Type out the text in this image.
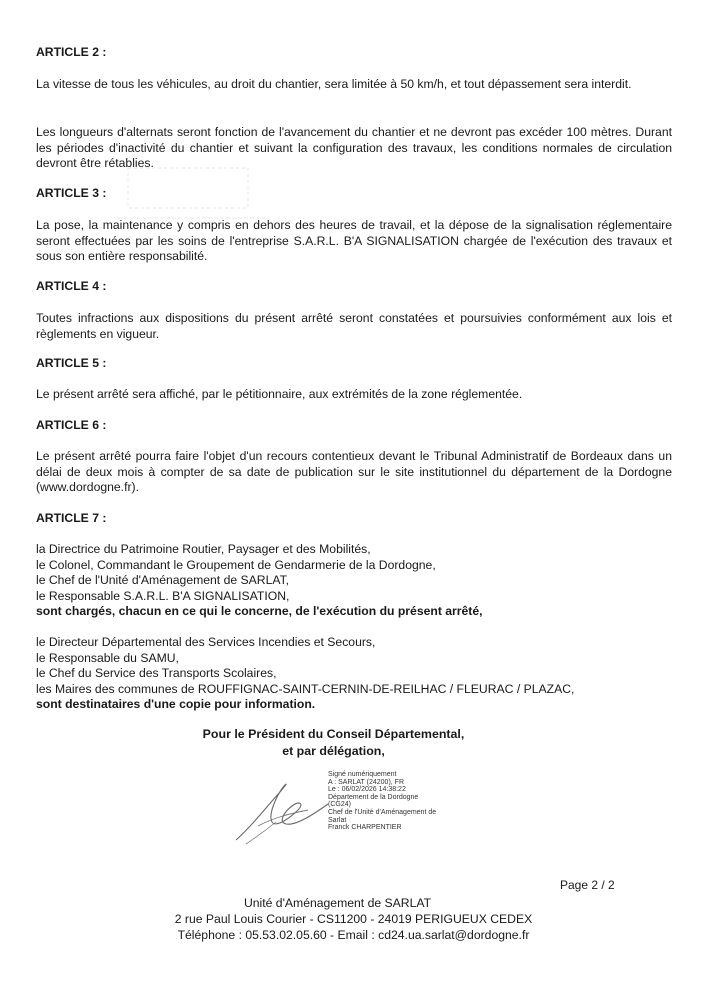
ARTICLE 2 :

La vitesse de tous les véhicules, au droit du chantier, sera limitée à 50 km/h, et tout dépassement sera interdit.

Les longueurs d'alternats seront fonction de l'avancement du chantier et ne devront pas excéder 100 mètres. Durant les périodes d'inactivité du chantier et suivant la configuration des travaux, les conditions normales de circulation devront être rétablies.

ARTICLE 3 :

La pose, la maintenance y compris en dehors des heures de travail, et la dépose de la signalisation réglementaire seront effectuées par les soins de l'entreprise S.A.R.L. B'A SIGNALISATION chargée de l'exécution des travaux et sous son entière responsabilité.

ARTICLE 4 :

Toutes infractions aux dispositions du présent arrêté seront constatées et poursuivies conformément aux lois et règlements en vigueur.

ARTICLE 5 :

Le présent arrêté sera affiché, par le pétitionnaire, aux extrémités de la zone réglementée.

ARTICLE 6 :

Le présent arrêté pourra faire l'objet d'un recours contentieux devant le Tribunal Administratif de Bordeaux dans un délai de deux mois à compter de sa date de publication sur le site institutionnel du département de la Dordogne (www.dordogne.fr).

ARTICLE 7 :
la Directrice du Patrimoine Routier, Paysager et des Mobilités,
le Colonel, Commandant le Groupement de Gendarmerie de la Dordogne,
le Chef de l'Unité d'Aménagement de SARLAT,
le Responsable S.A.R.L. B'A SIGNALISATION,
sont chargés, chacun en ce qui le concerne, de l'exécution du présent arrêté,
le Directeur Départemental des Services Incendies et Secours,
le Responsable du SAMU,
le Chef du Service des Transports Scolaires,
les Maires des communes de ROUFFIGNAC-SAINT-CERNIN-DE-REILHAC / FLEURAC / PLAZAC,
sont destinataires d'une copie pour information.
Pour le Président du Conseil Départemental,
et par délégation,
Signé numériquement
A : SARLAT (24200), FR
Le : 06/02/2026 14:38:22
Département de la Dordogne
(CG24)
Chef de l'Unité d'Aménagement de
Sarlat
Franck CHARPENTIER
Page 2 / 2
Unité d'Aménagement de SARLAT
2 rue Paul Louis Courier - CS11200 - 24019 PERIGUEUX CEDEX
Téléphone : 05.53.02.05.60 - Email : cd24.ua.sarlat@dordogne.fr
